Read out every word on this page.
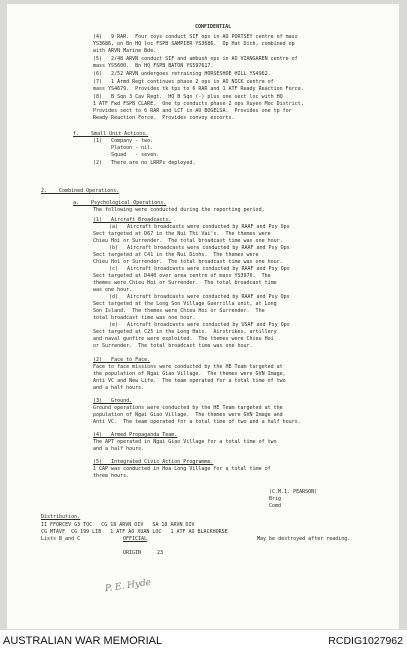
CONFIDENTIAL
(4)   9 RAR.  Four coys conduct SIF ops in AO PORTSEY centre of mass
YS3686, on Bn HQ loc FSPB SAMPIER YS3686.  Op Hat Dich, combined op
with ARVN Marine Bde.
(5)   2/48 ARVN conduct SIF and ambush ops in AO VIANGAREN centre of
mass YS5600.  Bn HQ FSPB BATON YS597617.
(6)   2/52 ARVN undergoes retraining HORSESHOE HILL YS4962.
(7)   1 Armd Regt continues phase 2 ops in AO NICK centre of
mass YS4679.  Provides tk tps to 6 RAR and 1 ATF Ready Reaction Force.
(8)   B Sqn 3 Cav Regt.  HQ B Sqn (-) plus one sect loc with HQ
1 ATF Fwd FSPB CLARE.  One tp conducts phase 2 ops Xuyen Moc District,
Provides sect to 6 RAR and LCT in AO BOGELSA.  Provides one tp for
Ready Reaction Force.  Provides convoy escorts.
f.    Small Unit Actions.
(1)   Company - two.
Platoon - nil.
Squad   - seven.
(2)   There are no LRRPs deployed.
2.    Combined Operations.
a.    Psychological Operations.
The following were conducted during the reporting period,
(1)   Aircraft Broadcasts.
(a)   Aircraft broadcasts were conducted by RAAF and Psy Ops
Sect targeted at D67 in the Nui Thi Vai's.  The themes were
Chieu Hoi or Surrender.  The total broadcast time was one hour.
(b)   Aircraft broadcasts were conducted by RAAF and Psy Ops
Sect targeted at C41 in the Nui Dinhs.  The themes were
Chieu Hoi or Surrender.  The total broadcast time was one hour.
(c)   Aircraft broadcasts were conducted by RAAF and Psy Ops
Sect targeted at D440 over area centre of mass YS3976.  The
themes were Chieu Hoi or Surrender.  The total broadcast time
was one hour.
(d)   Aircraft broadcasts were conducted by RAAF and Psy Ops
Sect targeted at the Long Son Village Guerrilla unit, at Long
Son Island.  The themes were Chieu Hoi or Surrender.  The
total broadcast time was one hour.
(e)   Aircraft broadcasts were conducted by USAF and Psy Ops
Sect targeted at C25 in the Long Hais.  Airstrikes, artillery
and naval gunfire were exploited.  The themes were Chieu Hoi
or Surrender.  The total broadcast time was one hour.
(2)   Face to Face.
Face to face missions were conducted by the HE Team targeted at
the population of Ngai Giao Village.  The themes were GVN Image,
Anti VC and New Life.  The team operated for a total time of two
and a half hours.
(3)   Ground.
Ground operations were conducted by the HE Team targeted at the
population of Ngai Giao Village.  The themes were GVN Image and
Anti VC.  The team operated for a total time of two and a half hours.
(4)   Armed Propaganda Team.
The APT operated in Ngai Giao Village for a total time of two
and a half hours.
(5)   Integrated Civic Action Programme.
1 CAP was conducted in Hoa Long Village for a total time of
three hours.
(C.M.I. PEARSON)
Brig
Comd
Distribution.
II FFORCEV G3 TOC   CG 18 ARVN DIV   SA 18 ARVN DIV
CG MTAVF  CG 199 LIB   1 ATF AO XUAN LOC   1 ATF AO BLACKHORSE
Lists B and C	OFFICIAL	May be destroyed after reading.
ORIGIN	23
P. E. Hyde
AUSTRALIAN WAR MEMORIAL	RCDIG1027962
